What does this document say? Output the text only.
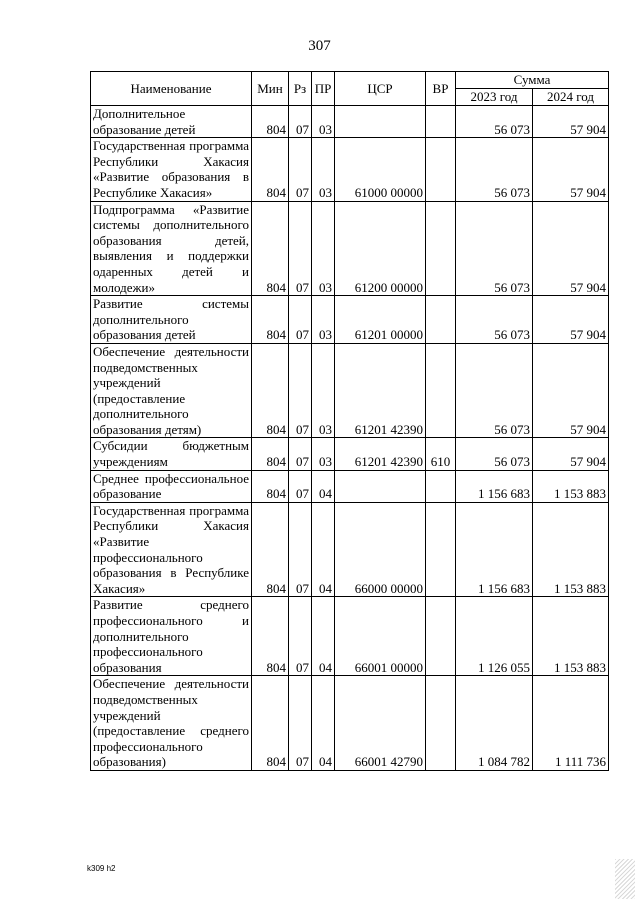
307
Наименование	Мин	Рз	ПР	ЦСР	ВР	Сумма	
						2023 год	2024 год
Дополнительное образование детей	804	07	03			56 073	57 904
Государственная программа Республики Хакасия «Развитие образования в Республике Хакасия»	804	07	03	61000 00000		56 073	57 904
Подпрограмма «Развитие системы дополнительного образования детей, выявления и поддержки одаренных детей и молодежи»	804	07	03	61200 00000		56 073	57 904
Развитие системы дополнительного образования детей	804	07	03	61201 00000		56 073	57 904
Обеспечение деятельности подведомственных учреждений (предоставление дополнительного образования детям)	804	07	03	61201 42390		56 073	57 904
Субсидии бюджетным учреждениям	804	07	03	61201 42390	610	56 073	57 904
Среднее профессиональное образование	804	07	04			1 156 683	1 153 883
Государственная программа Республики Хакасия «Развитие профессионального образования в Республике Хакасия»	804	07	04	66000 00000		1 156 683	1 153 883
Развитие среднего профессионального и дополнительного профессионального образования	804	07	04	66001 00000		1 126 055	1 153 883
Обеспечение деятельности подведомственных учреждений (предоставление среднего профессионального образования)	804	07	04	66001 42790		1 084 782	1 111 736
k309 h2
